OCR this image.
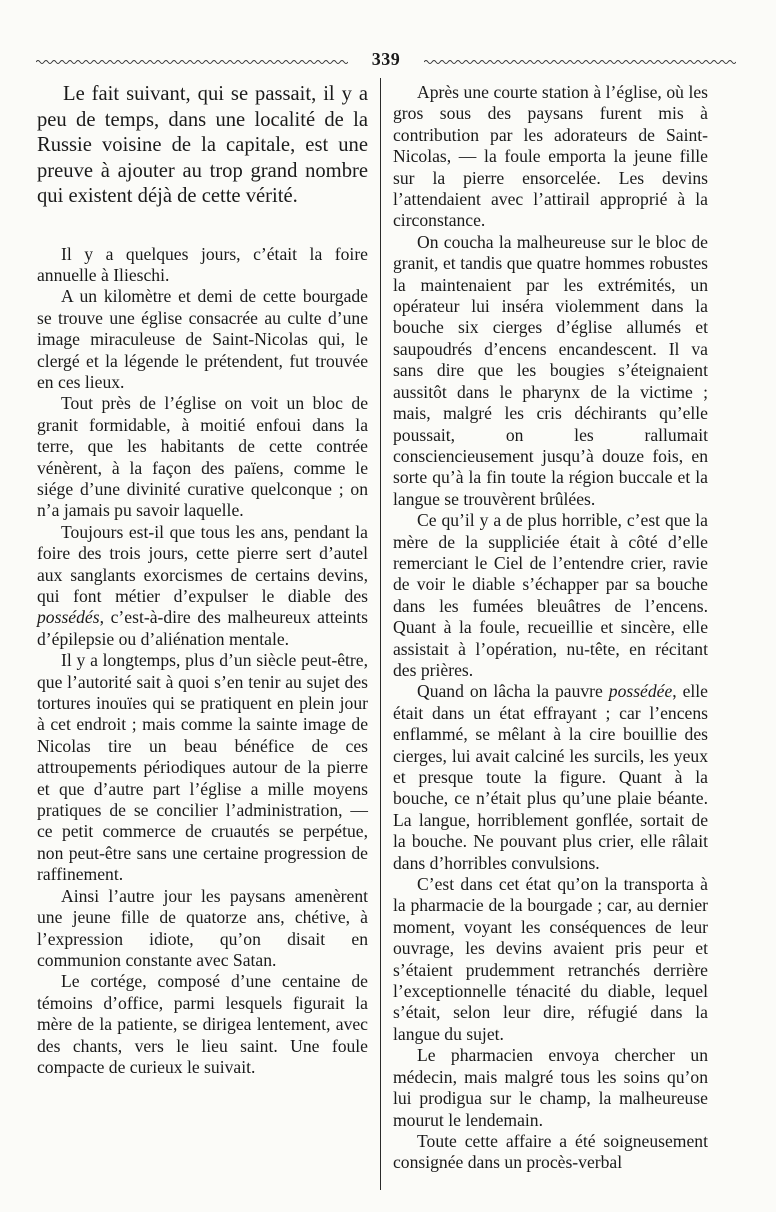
339

Le fait suivant, qui se passait, il y a peu de temps, dans une localité de la Russie voisine de la capitale, est une preuve à ajouter au trop grand nombre qui existent déjà de cette vérité.

Il y a quelques jours, c’était la foire annuelle à Ilieschi.

A un kilomètre et demi de cette bourgade se trouve une église consacrée au culte d’une image miraculeuse de Saint-Nicolas qui, le clergé et la légende le prétendent, fut trouvée en ces lieux.

Tout près de l’église on voit un bloc de granit formidable, à moitié enfoui dans la terre, que les habitants de cette contrée vénèrent, à la façon des païens, comme le siége d’une divinité curative quelconque ; on n’a jamais pu savoir laquelle.

Toujours est-il que tous les ans, pendant la foire des trois jours, cette pierre sert d’autel aux sanglants exorcismes de certains devins, qui font métier d’expulser le diable des possédés, c’est-à-dire des malheureux atteints d’épilepsie ou d’aliénation mentale.

Il y a longtemps, plus d’un siècle peut-être, que l’autorité sait à quoi s’en tenir au sujet des tortures inouïes qui se pratiquent en plein jour à cet endroit ; mais comme la sainte image de Nicolas tire un beau bénéfice de ces attroupements périodiques autour de la pierre et que d’autre part l’église a mille moyens pratiques de se concilier l’administration, — ce petit commerce de cruautés se perpétue, non peut-être sans une certaine progression de raffinement.

Ainsi l’autre jour les paysans amenèrent une jeune fille de quatorze ans, chétive, à l’expression idiote, qu’on disait en communion constante avec Satan.

Le cortége, composé d’une centaine de témoins d’office, parmi lesquels figurait la mère de la patiente, se dirigea lentement, avec des chants, vers le lieu saint. Une foule compacte de curieux le suivait.

Après une courte station à l’église, où les gros sous des paysans furent mis à contribution par les adorateurs de Saint-Nicolas, — la foule emporta la jeune fille sur la pierre ensorcelée. Les devins l’attendaient avec l’attirail approprié à la circonstance.

On coucha la malheureuse sur le bloc de granit, et tandis que quatre hommes robustes la maintenaient par les extrémités, un opérateur lui inséra violemment dans la bouche six cierges d’église allumés et saupoudrés d’encens encandescent. Il va sans dire que les bougies s’éteignaient aussitôt dans le pharynx de la victime ; mais, malgré les cris déchirants qu’elle poussait, on les rallumait consciencieusement jusqu’à douze fois, en sorte qu’à la fin toute la région buccale et la langue se trouvèrent brûlées.

Ce qu’il y a de plus horrible, c’est que la mère de la suppliciée était à côté d’elle remerciant le Ciel de l’entendre crier, ravie de voir le diable s’échapper par sa bouche dans les fumées bleuâtres de l’encens. Quant à la foule, recueillie et sincère, elle assistait à l’opération, nu-tête, en récitant des prières.

Quand on lâcha la pauvre possédée, elle était dans un état effrayant ; car l’encens enflammé, se mêlant à la cire bouillie des cierges, lui avait calciné les surcils, les yeux et presque toute la figure. Quant à la bouche, ce n’était plus qu’une plaie béante. La langue, horriblement gonflée, sortait de la bouche. Ne pouvant plus crier, elle râlait dans d’horribles convulsions.

C’est dans cet état qu’on la transporta à la pharmacie de la bourgade ; car, au dernier moment, voyant les conséquences de leur ouvrage, les devins avaient pris peur et s’étaient prudemment retranchés derrière l’exceptionnelle ténacité du diable, lequel s’était, selon leur dire, réfugié dans la langue du sujet.

Le pharmacien envoya chercher un médecin, mais malgré tous les soins qu’on lui prodigua sur le champ, la malheureuse mourut le lendemain.

Toute cette affaire a été soigneusement consignée dans un procès-verbal
